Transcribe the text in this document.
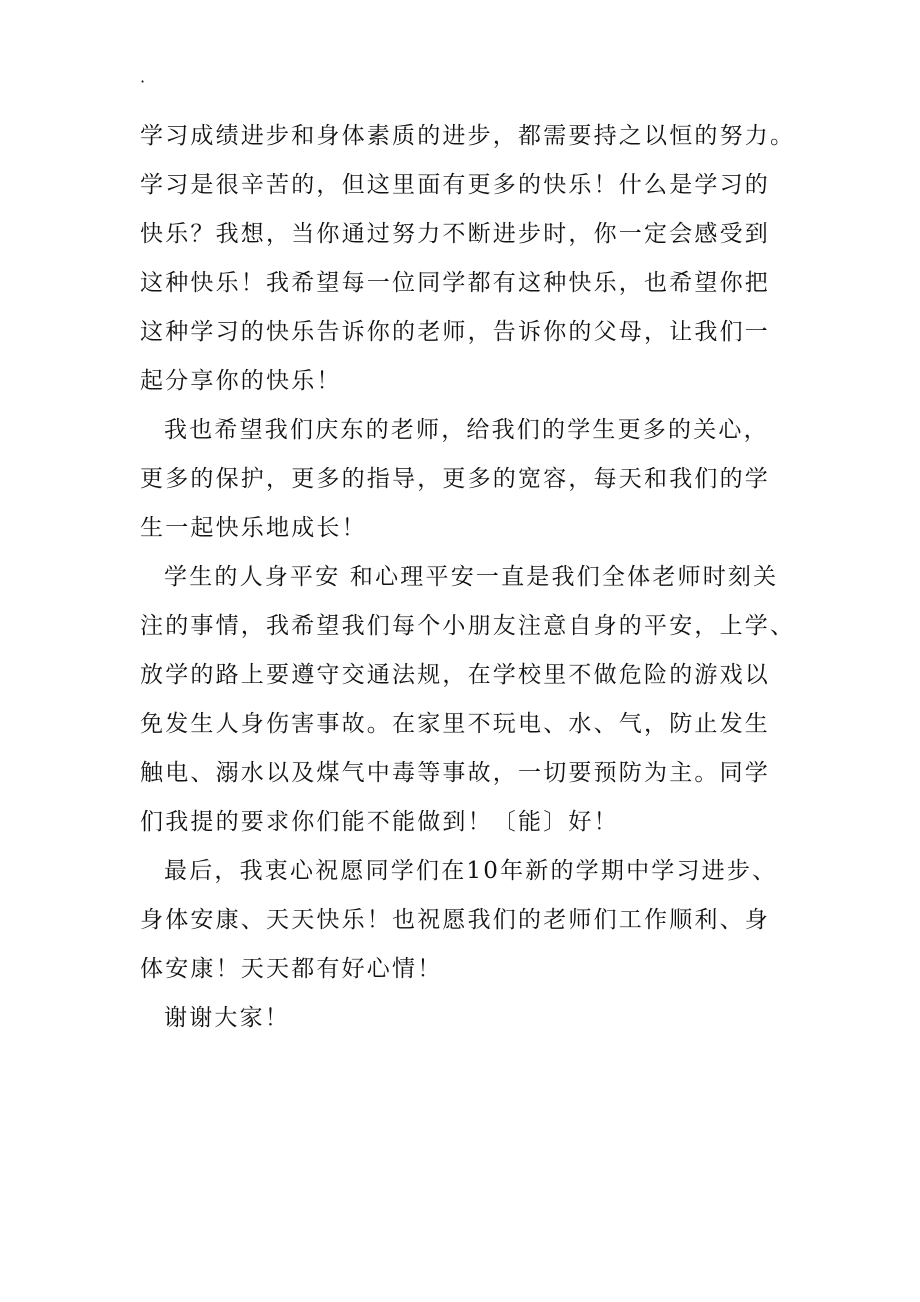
·
学习成绩进步和身体素质的进步，都需要持之以恒的努力。
学习是很辛苦的，但这里面有更多的快乐！什么是学习的
快乐？我想，当你通过努力不断进步时，你一定会感受到
这种快乐！我希望每一位同学都有这种快乐，也希望你把
这种学习的快乐告诉你的老师，告诉你的父母，让我们一
起分享你的快乐！
我也希望我们庆东的老师，给我们的学生更多的关心，
更多的保护，更多的指导，更多的宽容，每天和我们的学
生一起快乐地成长！
学生的人身平安 和心理平安一直是我们全体老师时刻关
注的事情，我希望我们每个小朋友注意自身的平安，上学、
放学的路上要遵守交通法规，在学校里不做危险的游戏以
免发生人身伤害事故。在家里不玩电、水、气，防止发生
触电、溺水以及煤气中毒等事故，一切要预防为主。同学
们我提的要求你们能不能做到！〔能〕好！
最后，我衷心祝愿同学们在10年新的学期中学习进步、
身体安康、天天快乐！也祝愿我们的老师们工作顺利、身
体安康！天天都有好心情！
谢谢大家！
